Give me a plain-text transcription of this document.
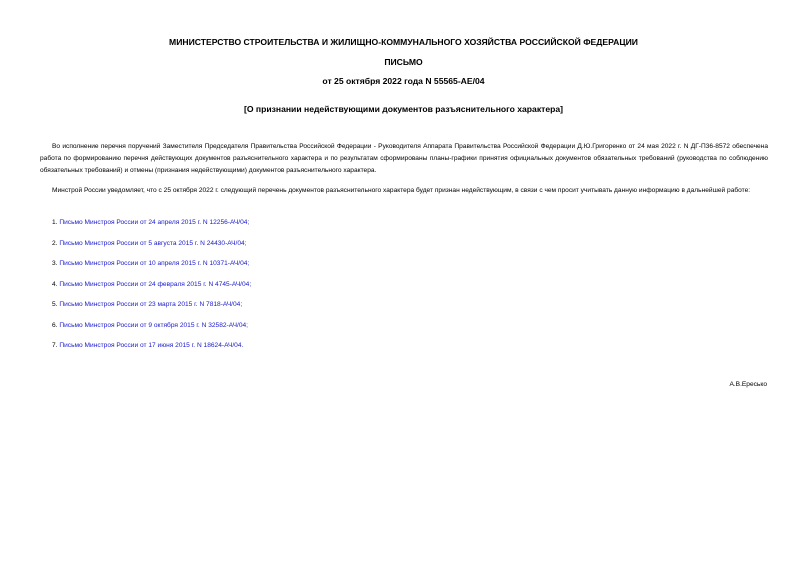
МИНИСТЕРСТВО СТРОИТЕЛЬСТВА И ЖИЛИЩНО-КОММУНАЛЬНОГО ХОЗЯЙСТВА РОССИЙСКОЙ ФЕДЕРАЦИИ
ПИСЬМО
от 25 октября 2022 года N 55565-АЕ/04
[О признании недействующими документов разъяснительного характера]
Во исполнение перечня поручений Заместителя Председателя Правительства Российской Федерации - Руководителя Аппарата Правительства Российской Федерации Д.Ю.Григоренко от 24 мая 2022 г. N ДГ-П36-8572 обеспечена работа по формированию перечня действующих документов разъяснительного характера и по результатам сформированы планы-графики принятия официальных документов обязательных требований (руководства по соблюдению обязательных требований) и отмены (признания недействующими) документов разъяснительного характера.
Минстрой России уведомляет, что с 25 октября 2022 г. следующий перечень документов разъяснительного характера будет признан недействующим, в связи с чем просит учитывать данную информацию в дальнейшей работе:
1. Письмо Минстроя России от 24 апреля 2015 г. N 12256-АЧ/04;
2. Письмо Минстроя России от 5 августа 2015 г. N 24430-АЧ/04;
3. Письмо Минстроя России от 10 апреля 2015 г. N 10371-АЧ/04;
4. Письмо Минстроя России от 24 февраля 2015 г. N 4745-АЧ/04;
5. Письмо Минстроя России от 23 марта 2015 г. N 7818-АЧ/04;
6. Письмо Минстроя России от 9 октября 2015 г. N 32582-АЧ/04;
7. Письмо Минстроя России от 17 июня 2015 г. N 18624-АЧ/04.
А.В.Ересько
